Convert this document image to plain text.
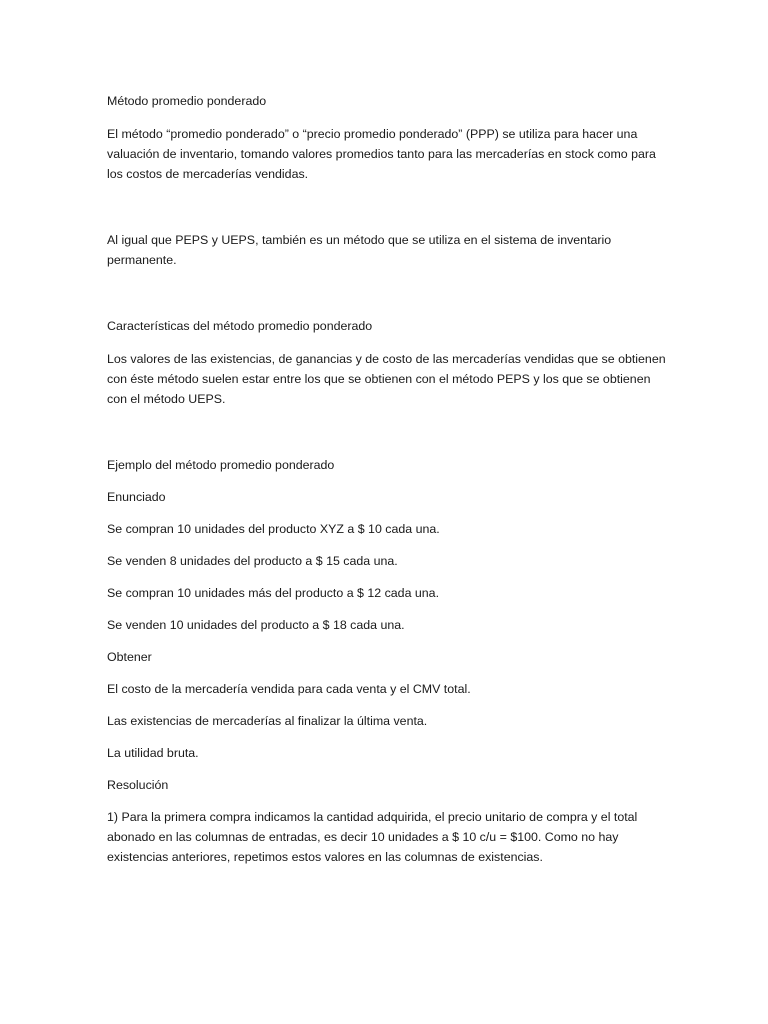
Método promedio ponderado

El método “promedio ponderado” o “precio promedio ponderado” (PPP) se utiliza para hacer una valuación de inventario, tomando valores promedios tanto para las mercaderías en stock como para los costos de mercaderías vendidas.

Al igual que PEPS y UEPS, también es un método que se utiliza en el sistema de inventario permanente.

Características del método promedio ponderado

Los valores de las existencias, de ganancias y de costo de las mercaderías vendidas que se obtienen con éste método suelen estar entre los que se obtienen con el método PEPS y los que se obtienen con el método UEPS.

Ejemplo del método promedio ponderado

Enunciado

Se compran 10 unidades del producto XYZ a $ 10 cada una.

Se venden 8 unidades del producto a $ 15 cada una.

Se compran 10 unidades más del producto a $ 12 cada una.

Se venden 10 unidades del producto a $ 18 cada una.

Obtener

El costo de la mercadería vendida para cada venta y el CMV total.

Las existencias de mercaderías al finalizar la última venta.

La utilidad bruta.

Resolución

1) Para la primera compra indicamos la cantidad adquirida, el precio unitario de compra y el total abonado en las columnas de entradas, es decir 10 unidades a $ 10 c/u = $100. Como no hay existencias anteriores, repetimos estos valores en las columnas de existencias.
